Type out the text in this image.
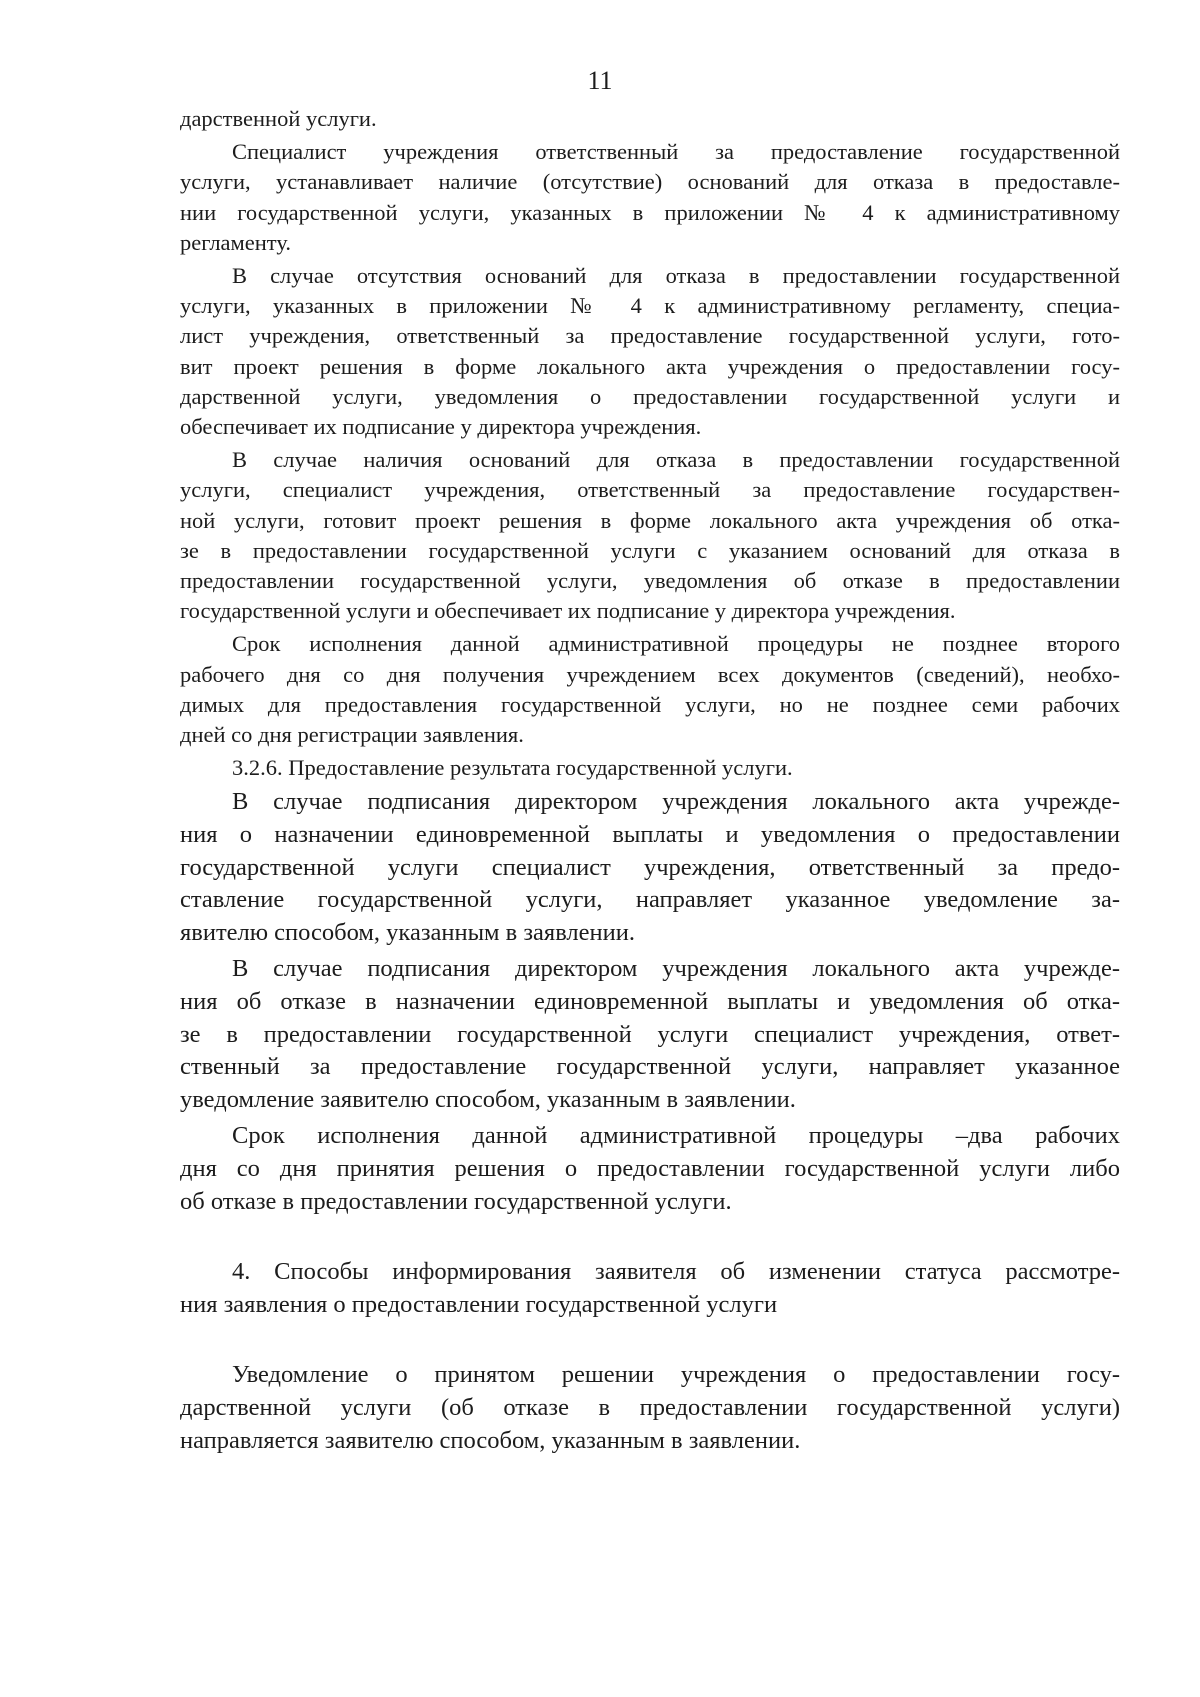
11
дарственной услуги.
Специалист учреждения ответственный за предоставление государственной
услуги, устанавливает наличие (отсутствие) оснований для отказа в предоставле-
нии государственной услуги, указанных в приложении № 4 к административному
регламенту.
В случае отсутствия оснований для отказа в предоставлении государственной
услуги, указанных в приложении № 4 к административному регламенту, специа-
лист учреждения, ответственный за предоставление государственной услуги, гото-
вит проект решения в форме локального акта учреждения о предоставлении госу-
дарственной услуги, уведомления о предоставлении государственной услуги и
обеспечивает их подписание у директора учреждения.
В случае наличия оснований для отказа в предоставлении государственной
услуги, специалист учреждения, ответственный за предоставление государствен-
ной услуги, готовит проект решения в форме локального акта учреждения об отка-
зе в предоставлении государственной услуги с указанием оснований для отказа в
предоставлении государственной услуги, уведомления об отказе в предоставлении
государственной услуги и обеспечивает их подписание у директора учреждения.
Срок исполнения данной административной процедуры не позднее второго
рабочего дня со дня получения учреждением всех документов (сведений), необхо-
димых для предоставления государственной услуги, но не позднее семи рабочих
дней со дня регистрации заявления.
3.2.6. Предоставление результата государственной услуги.
В случае подписания директором учреждения локального акта учрежде-
ния о назначении единовременной выплаты и уведомления о предоставлении
государственной услуги специалист учреждения, ответственный за предо-
ставление государственной услуги, направляет указанное уведомление за-
явителю способом, указанным в заявлении.
В случае подписания директором учреждения локального акта учрежде-
ния об отказе в назначении единовременной выплаты и уведомления об отка-
зе в предоставлении государственной услуги специалист учреждения, ответ-
ственный за предоставление государственной услуги, направляет указанное
уведомление заявителю способом, указанным в заявлении.
Срок исполнения данной административной процедуры –два рабочих
дня со дня принятия решения о предоставлении государственной услуги либо
об отказе в предоставлении государственной услуги.
4. Способы информирования заявителя об изменении статуса рассмотре-
ния заявления о предоставлении государственной услуги
Уведомление о принятом решении учреждения о предоставлении госу-
дарственной услуги (об отказе в предоставлении государственной услуги)
направляется заявителю способом, указанным в заявлении.
